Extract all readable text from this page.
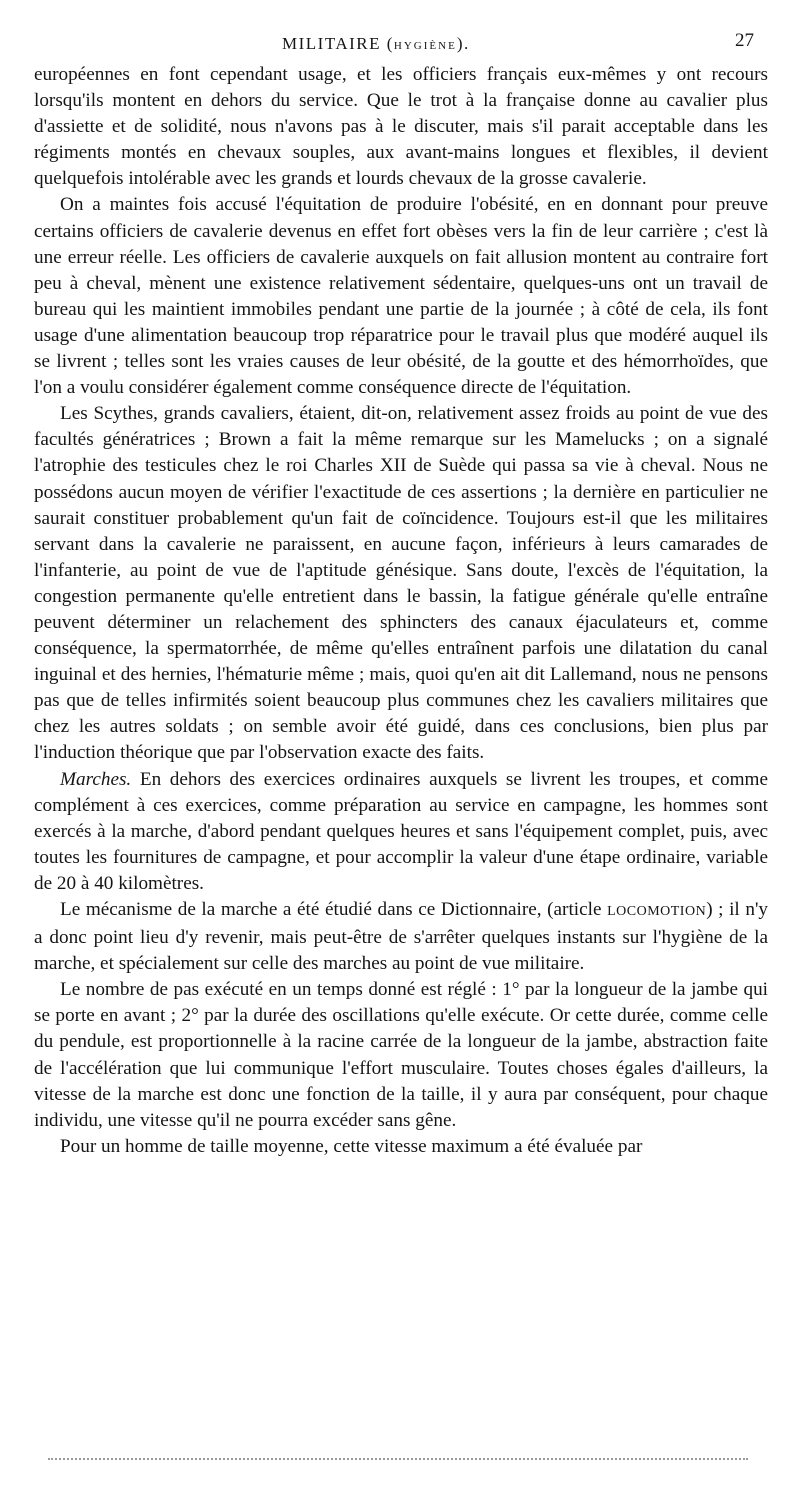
MILITAIRE (HYGIÈNE).	27

européennes en font cependant usage, et les officiers français eux-mêmes y ont recours lorsqu'ils montent en dehors du service. Que le trot à la française donne au cavalier plus d'assiette et de solidité, nous n'avons pas à le discuter, mais s'il parait acceptable dans les régiments montés en chevaux souples, aux avant-mains longues et flexibles, il devient quelquefois intolérable avec les grands et lourds chevaux de la grosse cavalerie.

On a maintes fois accusé l'équitation de produire l'obésité, en en donnant pour preuve certains officiers de cavalerie devenus en effet fort obèses vers la fin de leur carrière ; c'est là une erreur réelle. Les officiers de cavalerie auxquels on fait allusion montent au contraire fort peu à cheval, mènent une existence relativement sédentaire, quelques-uns ont un travail de bureau qui les maintient immobiles pendant une partie de la journée ; à côté de cela, ils font usage d'une alimentation beaucoup trop réparatrice pour le travail plus que modéré auquel ils se livrent ; telles sont les vraies causes de leur obésité, de la goutte et des hémorrhoïdes, que l'on a voulu considérer également comme conséquence directe de l'équitation.

Les Scythes, grands cavaliers, étaient, dit-on, relativement assez froids au point de vue des facultés génératrices ; Brown a fait la même remarque sur les Mamelucks ; on a signalé l'atrophie des testicules chez le roi Charles XII de Suède qui passa sa vie à cheval. Nous ne possédons aucun moyen de vérifier l'exactitude de ces assertions ; la dernière en particulier ne saurait constituer probablement qu'un fait de coïncidence. Toujours est-il que les militaires servant dans la cavalerie ne paraissent, en aucune façon, inférieurs à leurs camarades de l'infanterie, au point de vue de l'aptitude génésique. Sans doute, l'excès de l'équitation, la congestion permanente qu'elle entretient dans le bassin, la fatigue générale qu'elle entraîne peuvent déterminer un relachement des sphincters des canaux éjaculateurs et, comme conséquence, la spermatorrhée, de même qu'elles entraînent parfois une dilatation du canal inguinal et des hernies, l'hématurie même ; mais, quoi qu'en ait dit Lallemand, nous ne pensons pas que de telles infirmités soient beaucoup plus communes chez les cavaliers militaires que chez les autres soldats ; on semble avoir été guidé, dans ces conclusions, bien plus par l'induction théorique que par l'observation exacte des faits.

Marches. En dehors des exercices ordinaires auxquels se livrent les troupes, et comme complément à ces exercices, comme préparation au service en campagne, les hommes sont exercés à la marche, d'abord pendant quelques heures et sans l'équipement complet, puis, avec toutes les fournitures de campagne, et pour accomplir la valeur d'une étape ordinaire, variable de 20 à 40 kilomètres.

Le mécanisme de la marche a été étudié dans ce Dictionnaire, (article LOCOMOTION) ; il n'y a donc point lieu d'y revenir, mais peut-être de s'arrêter quelques instants sur l'hygiène de la marche, et spécialement sur celle des marches au point de vue militaire.

Le nombre de pas exécuté en un temps donné est réglé : 1° par la longueur de la jambe qui se porte en avant ; 2° par la durée des oscillations qu'elle exécute. Or cette durée, comme celle du pendule, est proportionnelle à la racine carrée de la longueur de la jambe, abstraction faite de l'accélération que lui communique l'effort musculaire. Toutes choses égales d'ailleurs, la vitesse de la marche est donc une fonction de la taille, il y aura par conséquent, pour chaque individu, une vitesse qu'il ne pourra excéder sans gêne.

Pour un homme de taille moyenne, cette vitesse maximum a été évaluée par
